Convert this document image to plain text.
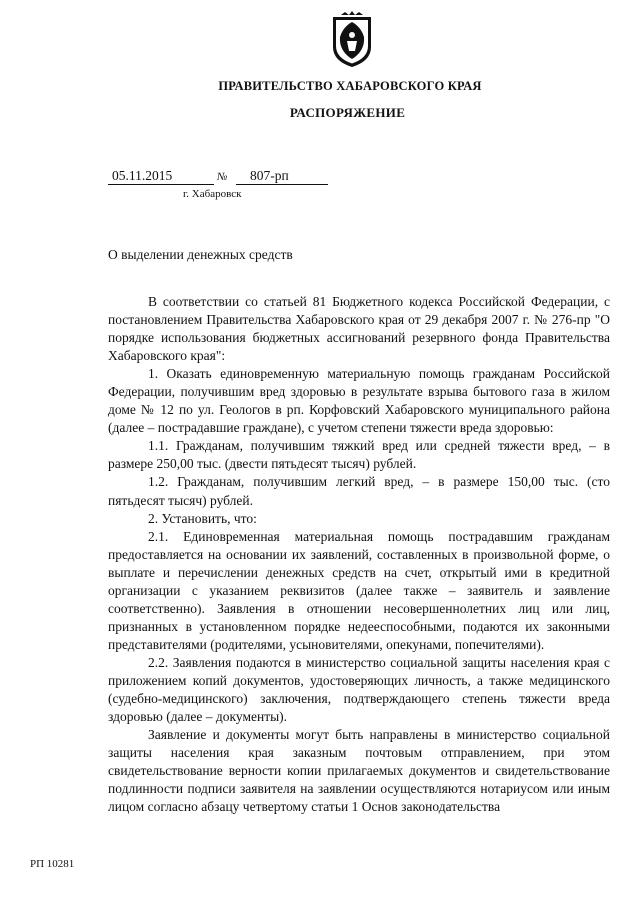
ПРАВИТЕЛЬСТВО ХАБАРОВСКОГО КРАЯ
РАСПОРЯЖЕНИЕ
05.11.2015	№	807-рп
г. Хабаровск
О выделении денежных средств

В соответствии со статьей 81 Бюджетного кодекса Российской Федерации, с постановлением Правительства Хабаровского края от 29 декабря 2007 г. № 276-пр "О порядке использования бюджетных ассигнований резервного фонда Правительства Хабаровского края":

1. Оказать единовременную материальную помощь гражданам Российской Федерации, получившим вред здоровью в результате взрыва бытового газа в жилом доме № 12 по ул. Геологов в рп. Корфовский Хабаровского муниципального района (далее – пострадавшие граждане), с учетом степени тяжести вреда здоровью:

1.1. Гражданам, получившим тяжкий вред или средней тяжести вред, – в размере 250,00 тыс. (двести пятьдесят тысяч) рублей.

1.2. Гражданам, получившим легкий вред, – в размере 150,00 тыс. (сто пятьдесят тысяч) рублей.

2. Установить, что:

2.1. Единовременная материальная помощь пострадавшим гражданам предоставляется на основании их заявлений, составленных в произвольной форме, о выплате и перечислении денежных средств на счет, открытый ими в кредитной организации с указанием реквизитов (далее также – заявитель и заявление соответственно). Заявления в отношении несовершеннолетних лиц или лиц, признанных в установленном порядке недееспособными, подаются их законными представителями (родителями, усыновителями, опекунами, попечителями).

2.2. Заявления подаются в министерство социальной защиты населения края с приложением копий документов, удостоверяющих личность, а также медицинского (судебно-медицинского) заключения, подтверждающего степень тяжести вреда здоровью (далее – документы).

Заявление и документы могут быть направлены в министерство социальной защиты населения края заказным почтовым отправлением, при этом свидетельствование верности копии прилагаемых документов и свидетельствование подлинности подписи заявителя на заявлении осуществляются нотариусом или иным лицом согласно абзацу четвертому статьи 1 Основ законодательства

РП 10281
